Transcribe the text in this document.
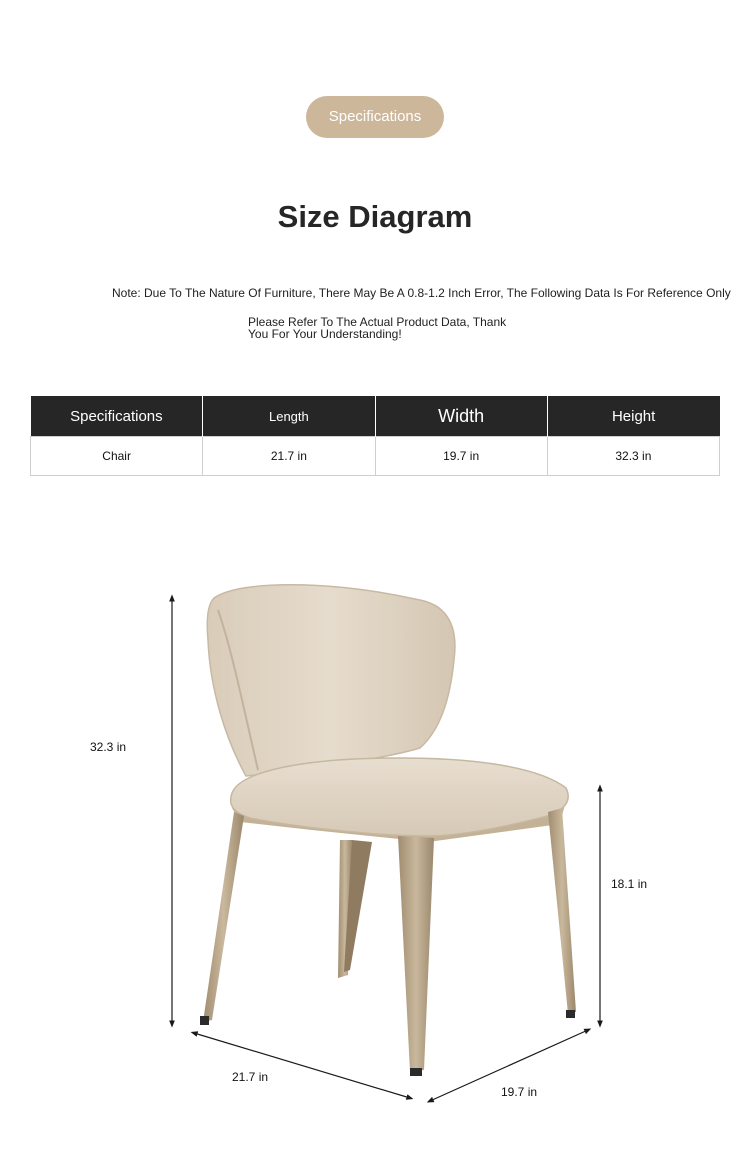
Specifications
Size Diagram
Note: Due To The Nature Of Furniture, There May Be A 0.8-1.2 Inch Error, The Following Data Is For Reference Only
Please Refer To The Actual Product Data, Thank You For Your Understanding!
Specifications	Length	Width	Height
Chair	21.7 in	19.7 in	32.3 in
32.3 in
18.1 in
21.7 in
19.7 in
